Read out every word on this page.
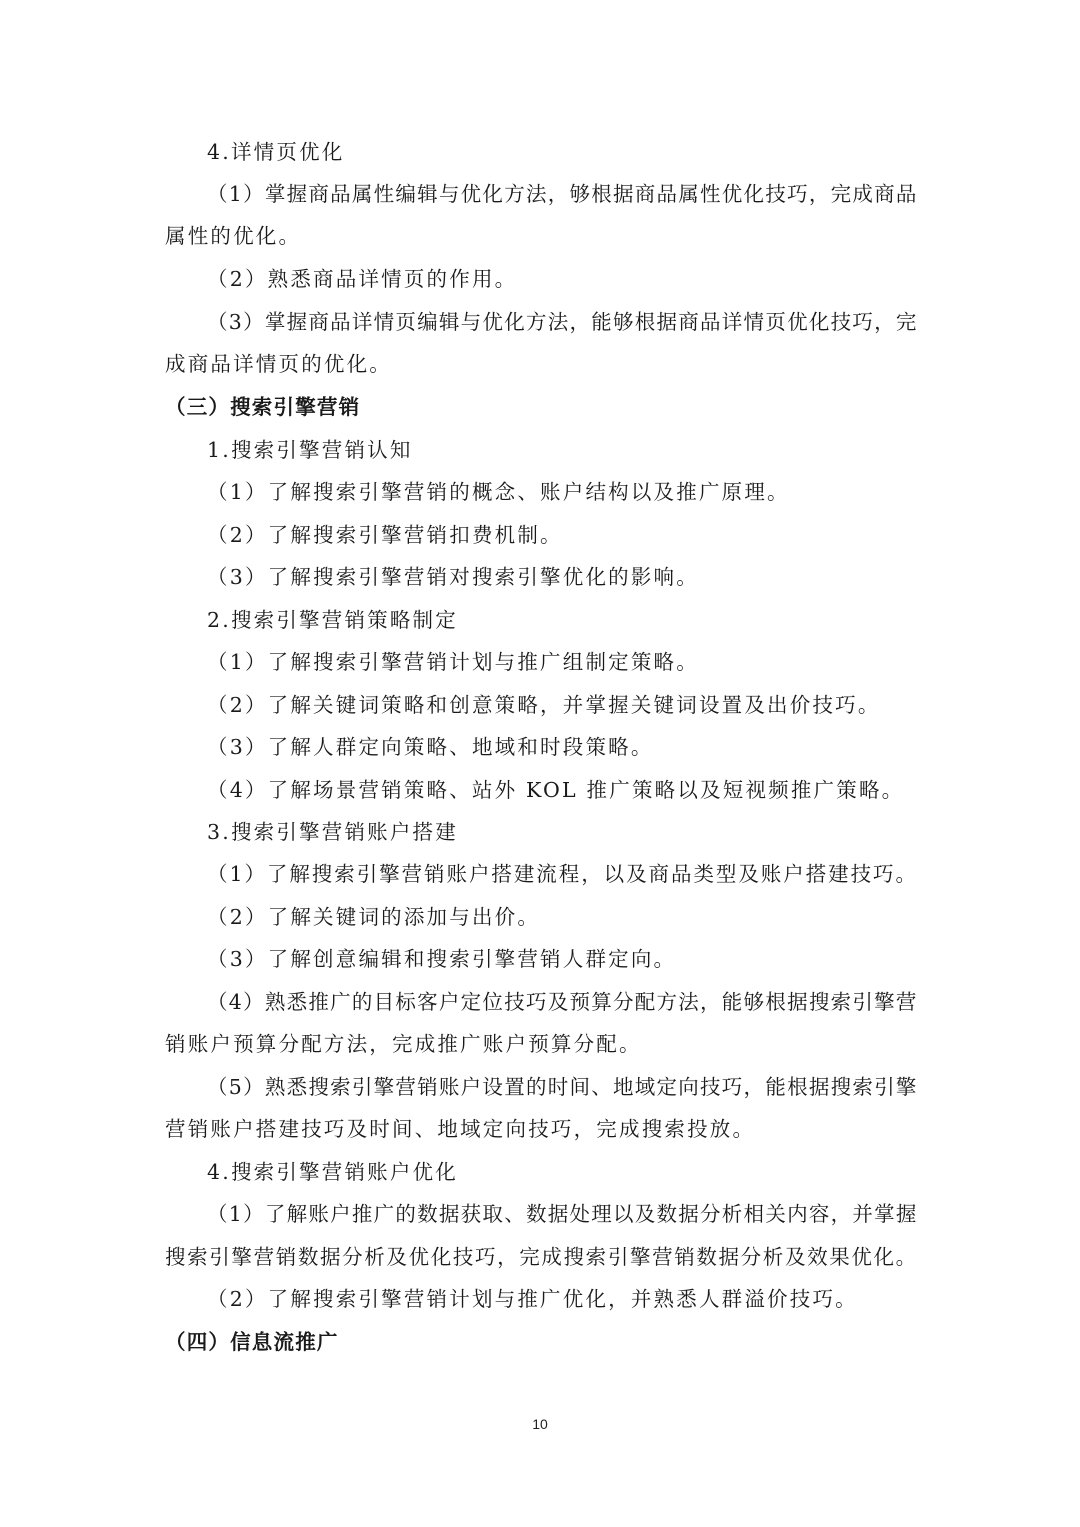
4.详情页优化
（1）掌握商品属性编辑与优化方法，够根据商品属性优化技巧，完成商品
属性的优化。
（2）熟悉商品详情页的作用。
（3）掌握商品详情页编辑与优化方法，能够根据商品详情页优化技巧，完
成商品详情页的优化。
（三）搜索引擎营销
1.搜索引擎营销认知
（1）了解搜索引擎营销的概念、账户结构以及推广原理。
（2）了解搜索引擎营销扣费机制。
（3）了解搜索引擎营销对搜索引擎优化的影响。
2.搜索引擎营销策略制定
（1）了解搜索引擎营销计划与推广组制定策略。
（2）了解关键词策略和创意策略，并掌握关键词设置及出价技巧。
（3）了解人群定向策略、地域和时段策略。
（4）了解场景营销策略、站外 KOL 推广策略以及短视频推广策略。
3.搜索引擎营销账户搭建
（1）了解搜索引擎营销账户搭建流程，以及商品类型及账户搭建技巧。
（2）了解关键词的添加与出价。
（3）了解创意编辑和搜索引擎营销人群定向。
（4）熟悉推广的目标客户定位技巧及预算分配方法，能够根据搜索引擎营
销账户预算分配方法，完成推广账户预算分配。
（5）熟悉搜索引擎营销账户设置的时间、地域定向技巧，能根据搜索引擎
营销账户搭建技巧及时间、地域定向技巧，完成搜索投放。
4.搜索引擎营销账户优化
（1）了解账户推广的数据获取、数据处理以及数据分析相关内容，并掌握
搜索引擎营销数据分析及优化技巧，完成搜索引擎营销数据分析及效果优化。
（2）了解搜索引擎营销计划与推广优化，并熟悉人群溢价技巧。
（四）信息流推广
10
